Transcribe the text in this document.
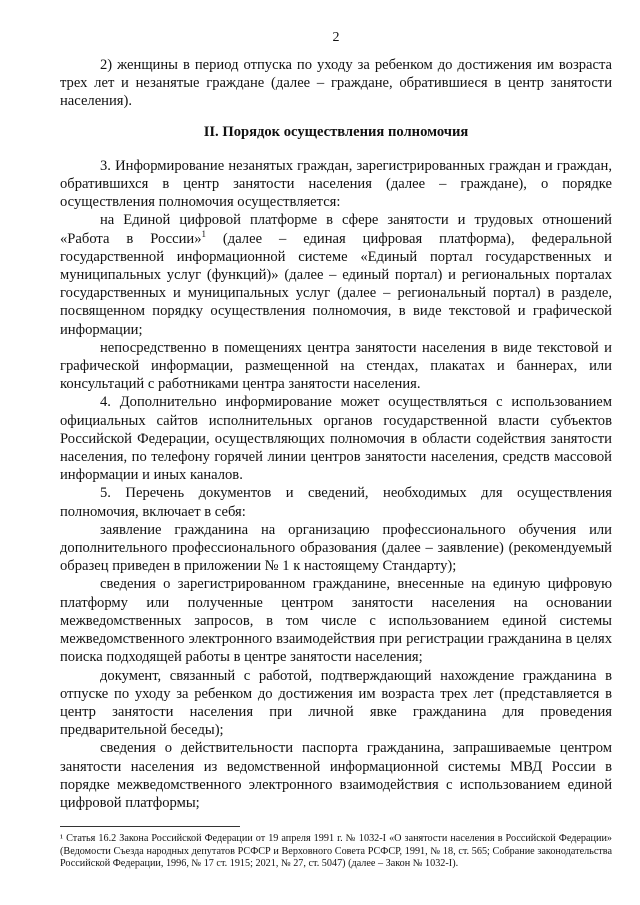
2

2) женщины в период отпуска по уходу за ребенком до достижения им возраста трех лет и незанятые граждане (далее – граждане, обратившиеся в центр занятости населения).

II. Порядок осуществления полномочия

3. Информирование незанятых граждан, зарегистрированных граждан и граждан, обратившихся в центр занятости населения (далее – граждане), о порядке осуществления полномочия осуществляется:

на Единой цифровой платформе в сфере занятости и трудовых отношений «Работа в России»$^1$ (далее – единая цифровая платформа), федеральной государственной информационной системе «Единый портал государственных и муниципальных услуг (функций)» (далее – единый портал) и региональных порталах государственных и муниципальных услуг (далее – региональный портал) в разделе, посвященном порядку осуществления полномочия, в виде текстовой и графической информации;

непосредственно в помещениях центра занятости населения в виде текстовой и графической информации, размещенной на стендах, плакатах и баннерах, или консультаций с работниками центра занятости населения.

4. Дополнительно информирование может осуществляться с использованием официальных сайтов исполнительных органов государственной власти субъектов Российской Федерации, осуществляющих полномочия в области содействия занятости населения, по телефону горячей линии центров занятости населения, средств массовой информации и иных каналов.

5. Перечень документов и сведений, необходимых для осуществления полномочия, включает в себя:

заявление гражданина на организацию профессионального обучения или дополнительного профессионального образования (далее – заявление) (рекомендуемый образец приведен в приложении № 1 к настоящему Стандарту);

сведения о зарегистрированном гражданине, внесенные на единую цифровую платформу или полученные центром занятости населения на основании межведомственных запросов, в том числе с использованием единой системы межведомственного электронного взаимодействия при регистрации гражданина в целях поиска подходящей работы в центре занятости населения;

документ, связанный с работой, подтверждающий нахождение гражданина в отпуске по уходу за ребенком до достижения им возраста трех лет (представляется в центр занятости населения при личной явке гражданина для проведения предварительной беседы);

сведения о действительности паспорта гражданина, запрашиваемые центром занятости населения из ведомственной информационной системы МВД России в порядке межведомственного электронного взаимодействия с использованием единой цифровой платформы;

¹ Статья 16.2 Закона Российской Федерации от 19 апреля 1991 г. № 1032-I «О занятости населения в Российской Федерации» (Ведомости Съезда народных депутатов РСФСР и Верховного Совета РСФСР, 1991, № 18, ст. 565; Собрание законодательства Российской Федерации, 1996, № 17 ст. 1915; 2021, № 27, ст. 5047) (далее – Закон № 1032-I).
